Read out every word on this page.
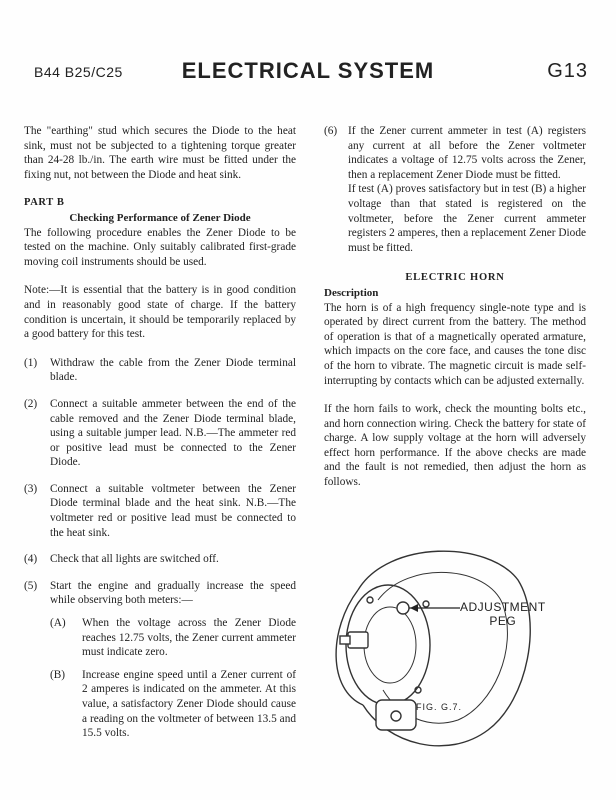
B44 B25/C25	ELECTRICAL SYSTEM	G13

The "earthing" stud which secures the Diode to the heat sink, must not be subjected to a tightening torque greater than 24-28 lb./in. The earth wire must be fitted under the fixing nut, not between the Diode and heat sink.

PART B
Checking Performance of Zener Diode

The following procedure enables the Zener Diode to be tested on the machine. Only suitably calibrated first-grade moving coil instruments should be used.

Note:—It is essential that the battery is in good condition and in reasonably good state of charge. If the battery condition is uncertain, it should be temporarily replaced by a good battery for this test.

(1)	Withdraw the cable from the Zener Diode terminal blade.
(2)	Connect a suitable ammeter between the end of the cable removed and the Zener Diode terminal blade, using a suitable jumper lead. N.B.—The ammeter red or positive lead must be connected to the Zener Diode.
(3)	Connect a suitable voltmeter between the Zener Diode terminal blade and the heat sink. N.B.—The voltmeter red or positive lead must be connected to the heat sink.
(4)	Check that all lights are switched off.
(5)	Start the engine and gradually increase the speed while observing both meters:—
(A)	When the voltage across the Zener Diode reaches 12.75 volts, the Zener current ammeter must indicate zero.
(B)	Increase engine speed until a Zener current of 2 amperes is indicated on the ammeter. At this value, a satisfactory Zener Diode should cause a reading on the voltmeter of between 13.5 and 15.5 volts.
(6) If the Zener current ammeter in test (A) registers any current at all before the Zener voltmeter indicates a voltage of 12.75 volts across the Zener, then a replacement Zener Diode must be fitted.

If test (A) proves satisfactory but in test (B) a higher voltage than that stated is registered on the voltmeter, before the Zener current ammeter registers 2 amperes, then a replacement Zener Diode must be fitted.

ELECTRIC HORN
Description

The horn is of a high frequency single-note type and is operated by direct current from the battery. The method of operation is that of a magnetically operated armature, which impacts on the core face, and causes the tone disc of the horn to vibrate. The magnetic circuit is made self-interrupting by contacts which can be adjusted externally.

If the horn fails to work, check the mounting bolts etc., and horn connection wiring. Check the battery for state of charge. A low supply voltage at the horn will adversely effect horn performance. If the above checks are made and the fault is not remedied, then adjust the horn as follows.

ADJUSTMENT
PEG
FIG. G.7.
